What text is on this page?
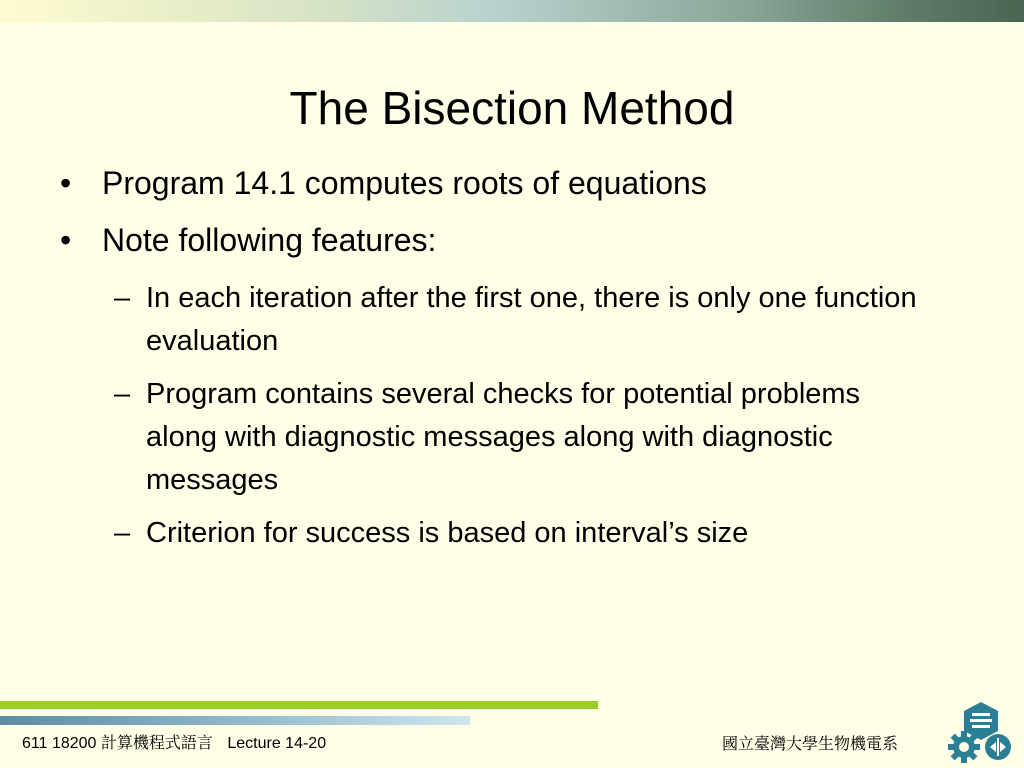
The Bisection Method
• Program 14.1 computes roots of equations
• Note following features:
– In each iteration after the first one, there is only one function evaluation
– Program contains several checks for potential problems along with diagnostic messages along with diagnostic messages
– Criterion for success is based on interval’s size
611 18200 計算機程式語言 Lecture 14-20	國立臺灣大學生物機電系
